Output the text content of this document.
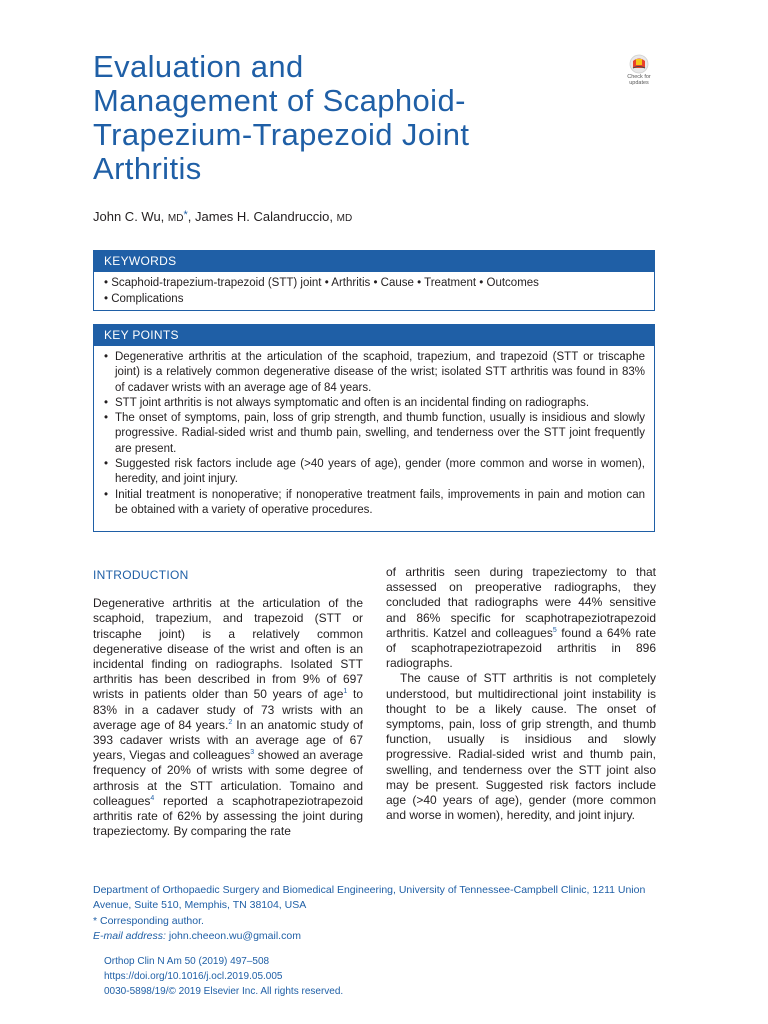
Evaluation and
Management of Scaphoid-
Trapezium-Trapezoid Joint
Arthritis
Check for
updates

John C. Wu, MD*, James H. Calandruccio, MD

KEYWORDS
• Scaphoid-trapezium-trapezoid (STT) joint • Arthritis • Cause • Treatment • Outcomes
• Complications
KEY POINTS
• Degenerative arthritis at the articulation of the scaphoid, trapezium, and trapezoid (STT or triscaphe joint) is a relatively common degenerative disease of the wrist; isolated STT arthritis was found in 83% of cadaver wrists with an average age of 84 years.
• STT joint arthritis is not always symptomatic and often is an incidental finding on radiographs.
• The onset of symptoms, pain, loss of grip strength, and thumb function, usually is insidious and slowly progressive. Radial-sided wrist and thumb pain, swelling, and tenderness over the STT joint frequently are present.
• Suggested risk factors include age (>40 years of age), gender (more common and worse in women), heredity, and joint injury.
• Initial treatment is nonoperative; if nonoperative treatment fails, improvements in pain and motion can be obtained with a variety of operative procedures.
INTRODUCTION

Degenerative arthritis at the articulation of the scaphoid, trapezium, and trapezoid (STT or triscaphe joint) is a relatively common degenerative disease of the wrist and often is an incidental finding on radiographs. Isolated STT arthritis has been described in from 9% of 697 wrists in patients older than 50 years of age$^1$ to 83% in a cadaver study of 73 wrists with an average age of 84 years.$^2$ In an anatomic study of 393 cadaver wrists with an average age of 67 years, Viegas and colleagues$^3$ showed an average frequency of 20% of wrists with some degree of arthrosis at the STT articulation. Tomaino and colleagues$^4$ reported a scaphotrapeziotrapezoid arthritis rate of 62% by assessing the joint during trapeziectomy. By comparing the rate

of arthritis seen during trapeziectomy to that assessed on preoperative radiographs, they concluded that radiographs were 44% sensitive and 86% specific for scaphotrapeziotrapezoid arthritis. Katzel and colleagues$^5$ found a 64% rate of scaphotrapeziotrapezoid arthritis in 896 radiographs.

The cause of STT arthritis is not completely understood, but multidirectional joint instability is thought to be a likely cause. The onset of symptoms, pain, loss of grip strength, and thumb function, usually is insidious and slowly progressive. Radial-sided wrist and thumb pain, swelling, and tenderness over the STT joint also may be present. Suggested risk factors include age (>40 years of age), gender (more common and worse in women), heredity, and joint injury.

Department of Orthopaedic Surgery and Biomedical Engineering, University of Tennessee-Campbell Clinic, 1211 Union Avenue, Suite 510, Memphis, TN 38104, USA

* Corresponding author.

E-mail address: john.cheeon.wu@gmail.com

Orthop Clin N Am 50 (2019) 497–508

https://doi.org/10.1016/j.ocl.2019.05.005

0030-5898/19/© 2019 Elsevier Inc. All rights reserved.
